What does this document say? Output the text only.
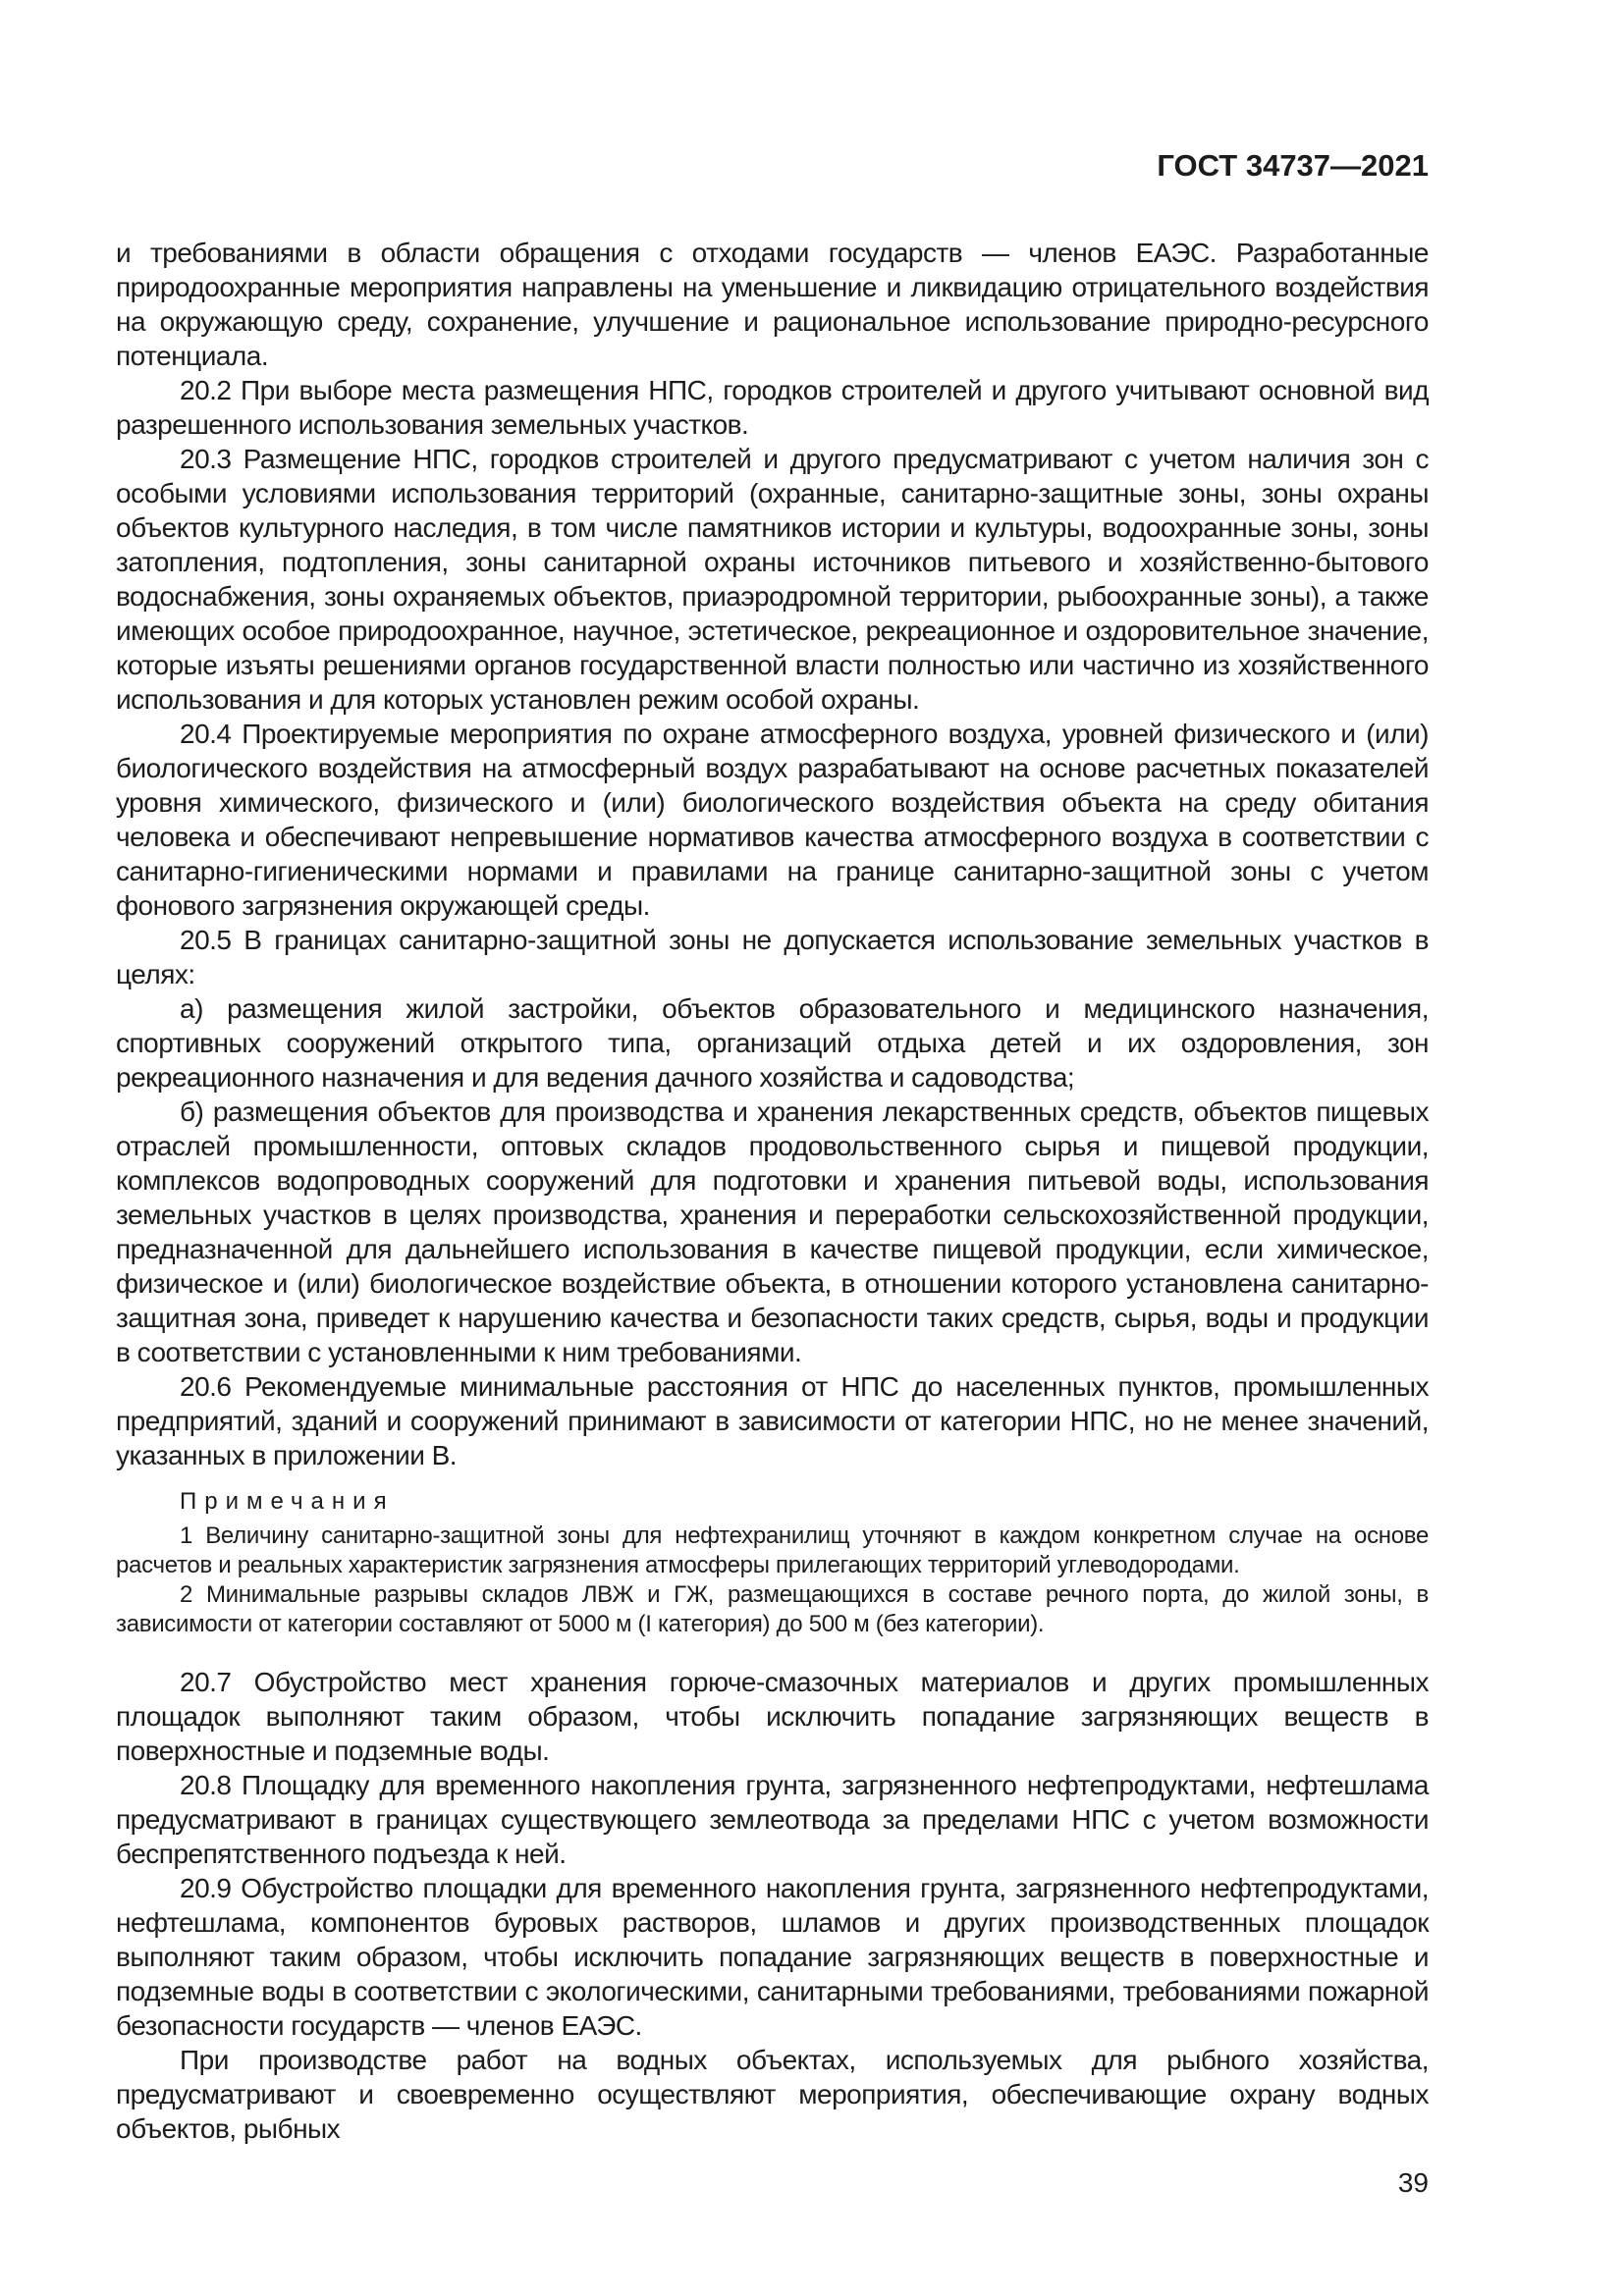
ГОСТ 34737—2021

и требованиями в области обращения с отходами государств — членов ЕАЭС. Разработанные природоохранные мероприятия направлены на уменьшение и ликвидацию отрицательного воздействия на окружающую среду, сохранение, улучшение и рациональное использование природно-ресурсного потенциала.

20.2 При выборе места размещения НПС, городков строителей и другого учитывают основной вид разрешенного использования земельных участков.

20.3 Размещение НПС, городков строителей и другого предусматривают с учетом наличия зон с особыми условиями использования территорий (охранные, санитарно-защитные зоны, зоны охраны объектов культурного наследия, в том числе памятников истории и культуры, водоохранные зоны, зоны затопления, подтопления, зоны санитарной охраны источников питьевого и хозяйственно-бытового водоснабжения, зоны охраняемых объектов, приаэродромной территории, рыбоохранные зоны), а также имеющих особое природоохранное, научное, эстетическое, рекреационное и оздоровительное значение, которые изъяты решениями органов государственной власти полностью или частично из хозяйственного использования и для которых установлен режим особой охраны.

20.4 Проектируемые мероприятия по охране атмосферного воздуха, уровней физического и (или) биологического воздействия на атмосферный воздух разрабатывают на основе расчетных показателей уровня химического, физического и (или) биологического воздействия объекта на среду обитания человека и обеспечивают непревышение нормативов качества атмосферного воздуха в соответствии с санитарно-гигиеническими нормами и правилами на границе санитарно-защитной зоны с учетом фонового загрязнения окружающей среды.

20.5 В границах санитарно-защитной зоны не допускается использование земельных участков в целях:

а) размещения жилой застройки, объектов образовательного и медицинского назначения, спортивных сооружений открытого типа, организаций отдыха детей и их оздоровления, зон рекреационного назначения и для ведения дачного хозяйства и садоводства;

б) размещения объектов для производства и хранения лекарственных средств, объектов пищевых отраслей промышленности, оптовых складов продовольственного сырья и пищевой продукции, комплексов водопроводных сооружений для подготовки и хранения питьевой воды, использования земельных участков в целях производства, хранения и переработки сельскохозяйственной продукции, предназначенной для дальнейшего использования в качестве пищевой продукции, если химическое, физическое и (или) биологическое воздействие объекта, в отношении которого установлена санитарно-защитная зона, приведет к нарушению качества и безопасности таких средств, сырья, воды и продукции в соответствии с установленными к ним требованиями.

20.6 Рекомендуемые минимальные расстояния от НПС до населенных пунктов, промышленных предприятий, зданий и сооружений принимают в зависимости от категории НПС, но не менее значений, указанных в приложении В.

Примечания

1 Величину санитарно-защитной зоны для нефтехранилищ уточняют в каждом конкретном случае на основе расчетов и реальных характеристик загрязнения атмосферы прилегающих территорий углеводородами.

2 Минимальные разрывы складов ЛВЖ и ГЖ, размещающихся в составе речного порта, до жилой зоны, в зависимости от категории составляют от 5000 м (I категория) до 500 м (без категории).

20.7 Обустройство мест хранения горюче-смазочных материалов и других промышленных площадок выполняют таким образом, чтобы исключить попадание загрязняющих веществ в поверхностные и подземные воды.

20.8 Площадку для временного накопления грунта, загрязненного нефтепродуктами, нефтешлама предусматривают в границах существующего землеотвода за пределами НПС с учетом возможности беспрепятственного подъезда к ней.

20.9 Обустройство площадки для временного накопления грунта, загрязненного нефтепродуктами, нефтешлама, компонентов буровых растворов, шламов и других производственных площадок выполняют таким образом, чтобы исключить попадание загрязняющих веществ в поверхностные и подземные воды в соответствии с экологическими, санитарными требованиями, требованиями пожарной безопасности государств — членов ЕАЭС.

При производстве работ на водных объектах, используемых для рыбного хозяйства, предусматривают и своевременно осуществляют мероприятия, обеспечивающие охрану водных объектов, рыбных

39
